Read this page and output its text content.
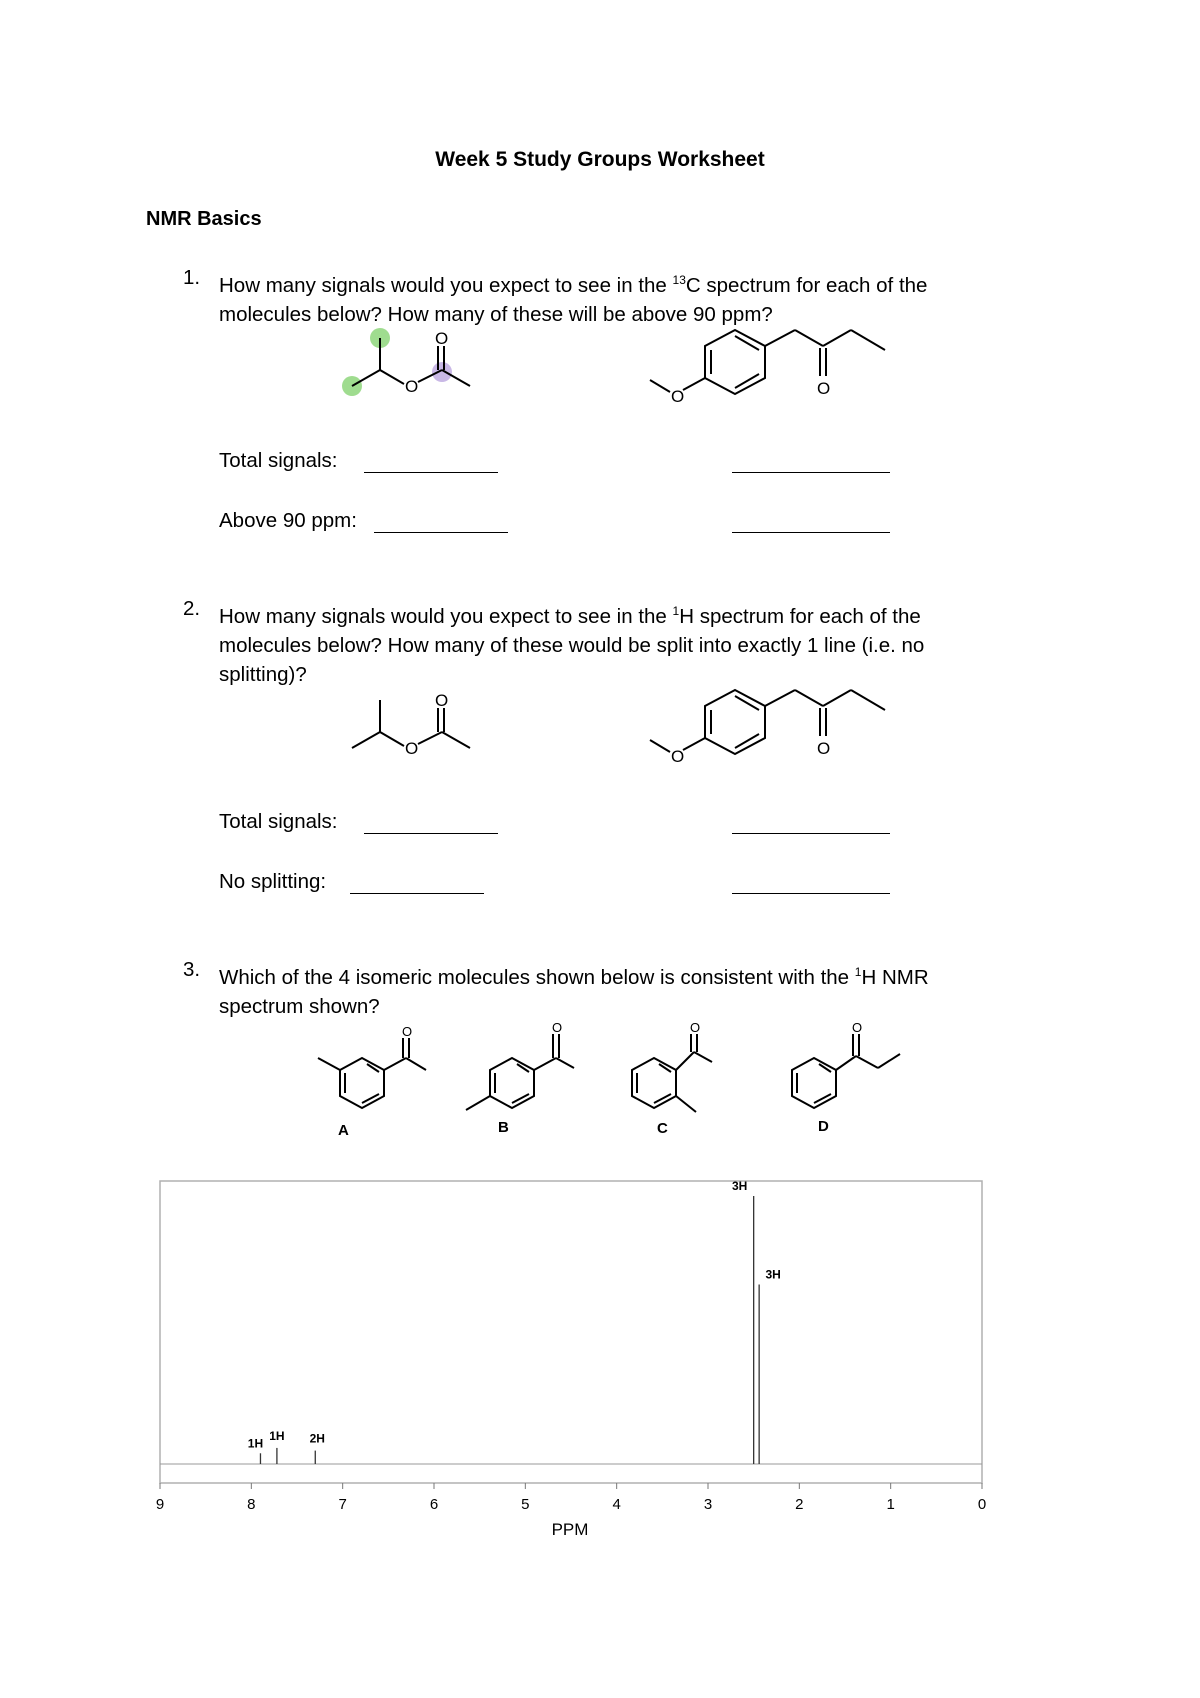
Week 5 Study Groups Worksheet
NMR Basics
1. How many signals would you expect to see in the $^{13}$C spectrum for each of the
molecules below? How many of these will be above 90 ppm?
O
O
O	O
Total signals:
Above 90 ppm:
2. How many signals would you expect to see in the $^1$H spectrum for each of the
molecules below? How many of these would be split into exactly 1 line (i.e. no
splitting)?
O
O
O	O
Total signals:
No splitting:
3. Which of the 4 isomeric molecules shown below is consistent with the $^1$H NMR
spectrum shown?
O	O	O	O
A	B	C	D
9	8	7	6	5	4	3	2	1	0
1H
1H 2H
3H
3H
PPM
